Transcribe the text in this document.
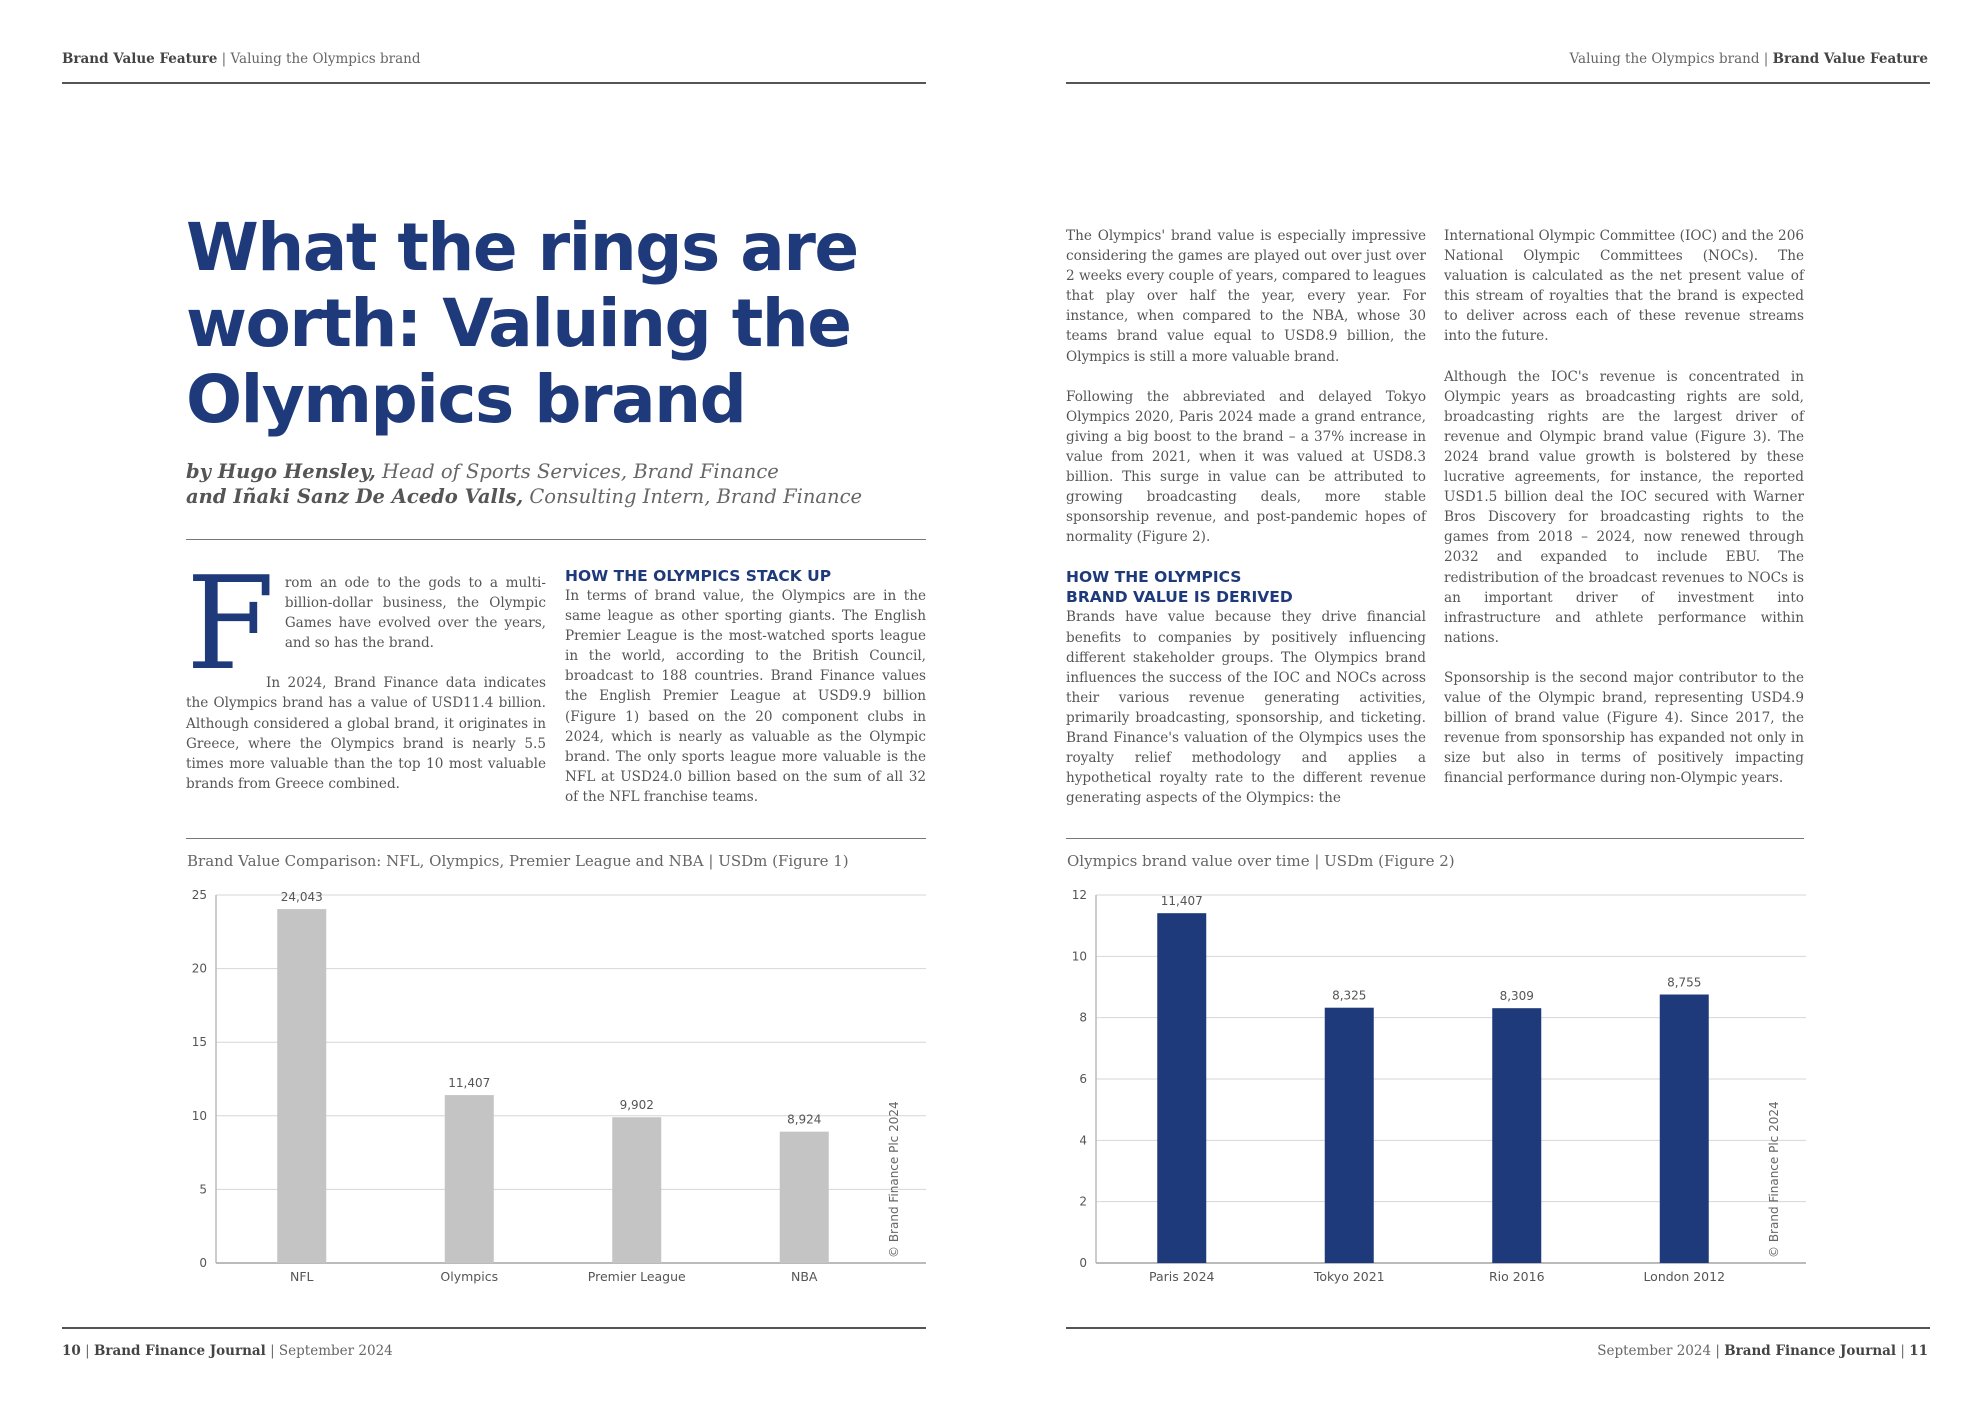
Brand Value Feature | Valuing the Olympics brand	Valuing the Olympics brand | Brand Value Feature
What the rings are worth: Valuing the Olympics brand
by Hugo Hensley, Head of Sports Services, Brand Finance
and Iñaki Sanz De Acedo Valls, Consulting Intern, Brand Finance
F rom an ode to the gods to a multi-billion-dollar business, the Olympic Games have evolved over the years, and so has the brand.

In 2024, Brand Finance data indicates the Olympics brand has a value of USD11.4 billion. Although considered a global brand, it originates in Greece, where the Olympics brand is nearly 5.5 times more valuable than the top 10 most valuable brands from Greece combined.

HOW THE OLYMPICS STACK UP

In terms of brand value, the Olympics are in the same league as other sporting giants. The English Premier League is the most-watched sports league in the world, according to the British Council, broadcast to 188 countries. Brand Finance values the English Premier League at USD9.9 billion (Figure 1) based on the 20 component clubs in 2024, which is nearly as valuable as the Olympic brand. The only sports league more valuable is the NFL at USD24.0 billion based on the sum of all 32 of the NFL franchise teams.

The Olympics' brand value is especially impressive considering the games are played out over just over 2 weeks every couple of years, compared to leagues that play over half the year, every year. For instance, when compared to the NBA, whose 30 teams brand value equal to USD8.9 billion, the Olympics is still a more valuable brand.

Following the abbreviated and delayed Tokyo Olympics 2020, Paris 2024 made a grand entrance, giving a big boost to the brand – a 37% increase in value from 2021, when it was valued at USD8.3 billion. This surge in value can be attributed to growing broadcasting deals, more stable sponsorship revenue, and post-pandemic hopes of normality (Figure 2).

HOW THE OLYMPICS
BRAND VALUE IS DERIVED

Brands have value because they drive financial benefits to companies by positively influencing different stakeholder groups. The Olympics brand influences the success of the IOC and NOCs across their various revenue generating activities, primarily broadcasting, sponsorship, and ticketing. Brand Finance's valuation of the Olympics uses the royalty relief methodology and applies a hypothetical royalty rate to the different revenue generating aspects of the Olympics: the

International Olympic Committee (IOC) and the 206 National Olympic Committees (NOCs). The valuation is calculated as the net present value of this stream of royalties that the brand is expected to deliver across each of these revenue streams into the future.

Although the IOC's revenue is concentrated in Olympic years as broadcasting rights are sold, broadcasting rights are the largest driver of revenue and Olympic brand value (Figure 3). The 2024 brand value growth is bolstered by these lucrative agreements, for instance, the reported USD1.5 billion deal the IOC secured with Warner Bros Discovery for broadcasting rights to the games from 2018 – 2024, now renewed through 2032 and expanded to include EBU. The redistribution of the broadcast revenues to NOCs is an important driver of investment into infrastructure and athlete performance within nations.

Sponsorship is the second major contributor to the value of the Olympic brand, representing USD4.9 billion of brand value (Figure 4). Since 2017, the revenue from sponsorship has expanded not only in size but also in terms of positively impacting financial performance during non-Olympic years.

Brand Value Comparison: NFL, Olympics, Premier League and NBA | USDm (Figure 1)
0
5
10
15
20
25	24,043
NFL
11,407
Olympics
9,902
Premier League
8,924
NBA
© Brand Finance Plc 2024
Olympics brand value over time | USDm (Figure 2)
0
2
4
6
8
10
12	11,407
Paris 2024
8,325
Tokyo 2021
8,309
Rio 2016
8,755
London 2012
© Brand Finance Plc 2024
10 | Brand Finance Journal | September 2024	September 2024 | Brand Finance Journal | 11
